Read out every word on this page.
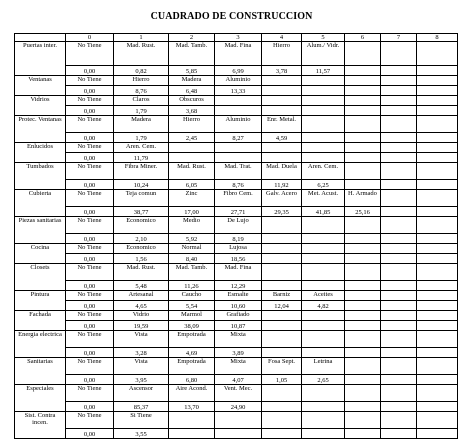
CUADRADO DE CONSTRUCCION
	0	1	2	3	4	5	6	7	8
Puertas inter.	No Tiene	Mad. Rust.	Mad. Tamb.	Mad. Fina	Hierro	Alum./ Vidr.			
	0,00	0,82	5,85	6,99	3,78	11,57			
Ventanas	No Tiene	Hierro	Madera	Aluminio					
	0,00	8,76	6,48	13,33					
Vidrios	No Tiene	Claros	Obscuros						
	0,00	1,79	3,68						
Protec. Ventanas	No Tiene	Madera	Hierro	Aluminio	Enr. Metal.				
	0,00	1,79	2,45	8,27	4,59				
Enlucidos	No Tiene	Aren. Cem.							
	0,00	11,79							
Tumbados	No Tiene	Fibra Miner.	Mad. Rust.	Mad. Trat.	Mad. Duela	Aren. Cem.			
	0,00	10,24	6,05	8,76	11,92	6,25			
Cubierta	No Tiene	Teja comun	Zinc	Fibro Cem.	Galv. Acero	Met. Acust.	H. Armado		
	0,00	38,77	17,00	27,71	29,35	41,85	25,16		
Piezas sanitarias	No Tiene	Economico	Medio	De Lujo					
	0,00	2,10	5,92	8,19					
Cocina	No Tiene	Economico	Normal	Lujosa					
	0,00	1,56	8,40	18,56					
Closets	No Tiene	Mad. Rust.	Mad. Tamb.	Mad. Fina					
	0,00	5,48	11,26	12,29					
Pintura	No Tiene	Artesanal	Caucho	Esmalte	Barniz	Aceites			
	0,00	4,65	5,54	10,60	12,04	4,82			
Fachada	No Tiene	Vidrio	Marmol	Grafiado					
	0,00	19,59	38,09	10,87					
Energia electrica	No Tiene	Vista	Empotrada	Mixta					
	0,00	3,28	4,69	3,89					
Sanitarias	No Tiene	Vista	Empotrada	Mixta	Fosa Sept.	Letrina			
	0,00	3,95	6,80	4,07	1,05	2,65			
Especiales	No Tiene	Ascensor	Aire Acond.	Vent. Mec.					
	0,00	85,37	13,70	24,90					
Sist. Contra incen.	No Tiene	Si Tiene							
	0,00	3,55							
